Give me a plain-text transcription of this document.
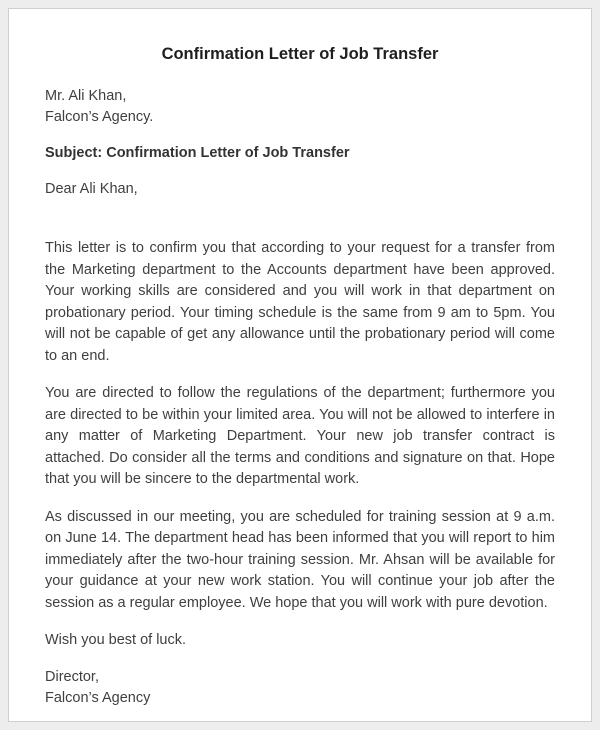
Confirmation Letter of Job Transfer
Mr. Ali Khan,
Falcon’s Agency.
Subject: Confirmation Letter of Job Transfer
Dear Ali Khan,

This letter is to confirm you that according to your request for a transfer from the Marketing department to the Accounts department have been approved. Your working skills are considered and you will work in that department on probationary period. Your timing schedule is the same from 9 am to 5pm. You will not be capable of get any allowance until the probationary period will come to an end.

You are directed to follow the regulations of the department; furthermore you are directed to be within your limited area. You will not be allowed to interfere in any matter of Marketing Department. Your new job transfer contract is attached. Do consider all the terms and conditions and signature on that. Hope that you will be sincere to the departmental work.

As discussed in our meeting, you are scheduled for training session at 9 a.m. on June 14. The department head has been informed that you will report to him immediately after the two-hour training session. Mr. Ahsan will be available for your guidance at your new work station. You will continue your job after the session as a regular employee. We hope that you will work with pure devotion.

Wish you best of luck.
Director,
Falcon’s Agency
